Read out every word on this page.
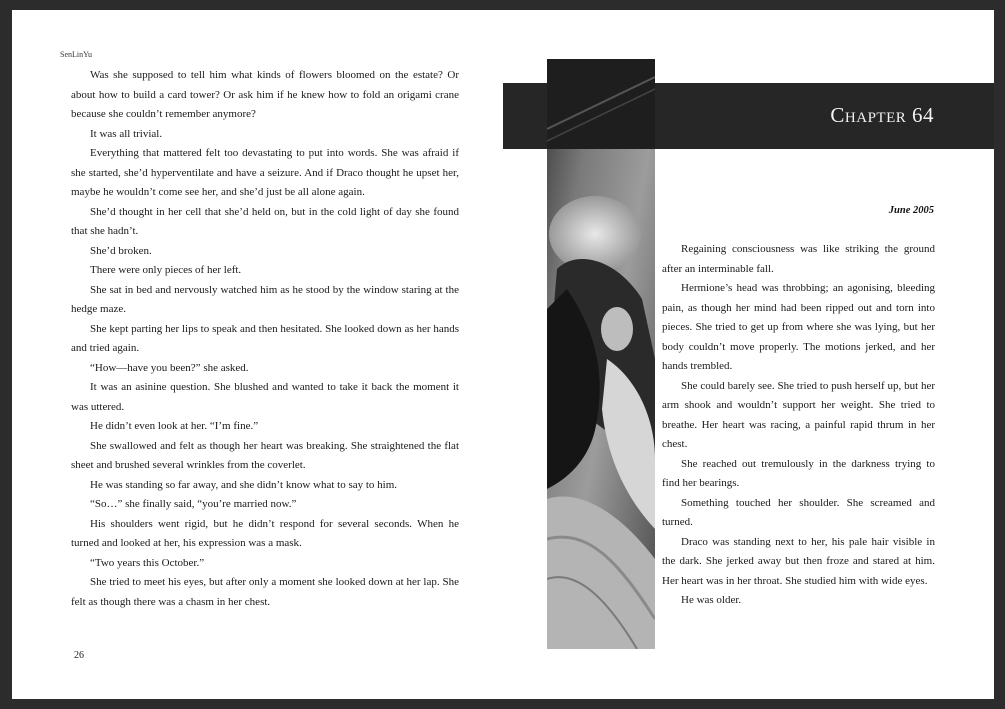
SenLinYu

Was she supposed to tell him what kinds of flowers bloomed on the estate? Or about how to build a card tower? Or ask him if he knew how to fold an origami crane because she couldn’t remember anymore?

It was all trivial.

Everything that mattered felt too devastating to put into words. She was afraid if she started, she’d hyperventilate and have a seizure. And if Draco thought he upset her, maybe he wouldn’t come see her, and she’d just be all alone again.

She’d thought in her cell that she’d held on, but in the cold light of day she found that she hadn’t.

She’d broken.

There were only pieces of her left.

She sat in bed and nervously watched him as he stood by the window staring at the hedge maze.

She kept parting her lips to speak and then hesitated. She looked down as her hands and tried again.

“How—have you been?” she asked.

It was an asinine question. She blushed and wanted to take it back the moment it was uttered.

He didn’t even look at her. “I’m fine.”

She swallowed and felt as though her heart was breaking. She straightened the flat sheet and brushed several wrinkles from the coverlet.

He was standing so far away, and she didn’t know what to say to him.

“So…” she finally said, “you’re married now.”

His shoulders went rigid, but he didn’t respond for several seconds. When he turned and looked at her, his expression was a mask.

“Two years this October.”

She tried to meet his eyes, but after only a moment she looked down at her lap. She felt as though there was a chasm in her chest.

26
Chapter 64
June 2005

Regaining consciousness was like striking the ground after an interminable fall.

Hermione’s head was throbbing; an agonising, bleeding pain, as though her mind had been ripped out and torn into pieces. She tried to get up from where she was lying, but her body couldn’t move properly. The motions jerked, and her hands trembled.

She could barely see. She tried to push herself up, but her arm shook and wouldn’t support her weight. She tried to breathe. Her heart was racing, a painful rapid thrum in her chest.

She reached out tremulously in the darkness trying to find her bearings.

Something touched her shoulder. She screamed and turned.

Draco was standing next to her, his pale hair visible in the dark. She jerked away but then froze and stared at him. Her heart was in her throat. She studied him with wide eyes.

He was older.
